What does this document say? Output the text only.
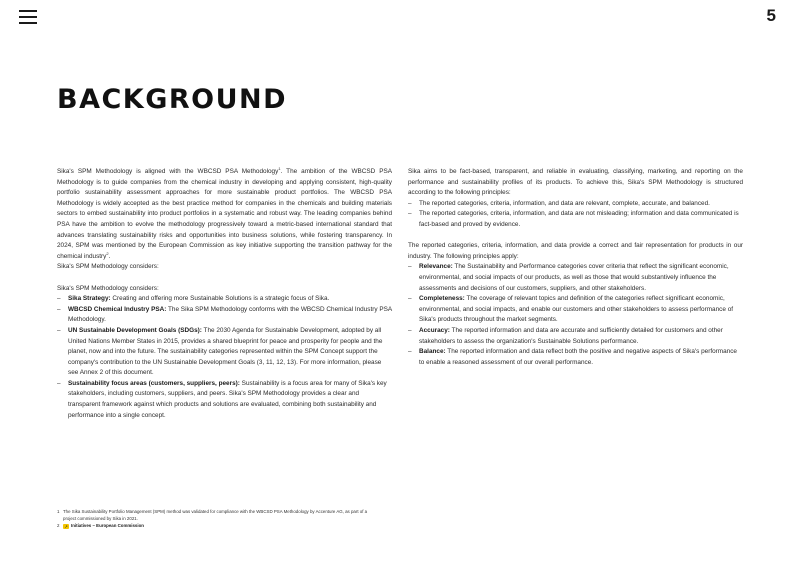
5
BACKGROUND

Sika's SPM Methodology is aligned with the WBCSD PSA Methodology$^1$. The ambition of the WBCSD PSA Methodology is to guide companies from the chemical industry in developing and applying consistent, high-quality portfolio sustainability assessment approaches for more sustainable product portfolios. The WBCSD PSA Methodology is widely accepted as the best practice method for companies in the chemicals and building materials sectors to embed sustainability into product portfolios in a systematic and robust way. The leading companies behind PSA have the ambition to evolve the methodology progressively toward a metric-based international standard that advances translating sustainability risks and opportunities into business solutions, while fostering transparency. In 2024, SPM was mentioned by the European Commission as key initiative supporting the transition pathway for the chemical industry$^2$.

Sika's SPM Methodology considers:

Sika's SPM Methodology considers:

– Sika Strategy: Creating and offering more Sustainable Solutions is a strategic focus of Sika.
– WBCSD Chemical Industry PSA: The Sika SPM Methodology conforms with the WBCSD Chemical Industry PSA Methodology.
– UN Sustainable Development Goals (SDGs): The 2030 Agenda for Sustainable Development, adopted by all United Nations Member States in 2015, provides a shared blueprint for peace and prosperity for people and the planet, now and into the future. The sustainability categories represented within the SPM Concept support the company's contribution to the UN Sustainable Development Goals (3, 11, 12, 13). For more information, please see Annex 2 of this document.
– Sustainability focus areas (customers, suppliers, peers): Sustainability is a focus area for many of Sika's key stakeholders, including customers, suppliers, and peers. Sika's SPM Methodology provides a clear and transparent framework against which products and solutions are evaluated, combining both sustainability and performance into a single concept.

Sika aims to be fact-based, transparent, and reliable in evaluating, classifying, marketing, and reporting on the performance and sustainability profiles of its products. To achieve this, Sika's SPM Methodology is structured according to the following principles:

– The reported categories, criteria, information, and data are relevant, complete, accurate, and balanced.
– The reported categories, criteria, information, and data are not misleading; information and data communicated is fact-based and proved by evidence.

The reported categories, criteria, information, and data provide a correct and fair representation for products in our industry. The following principles apply:

– Relevance: The Sustainability and Performance categories cover criteria that reflect the significant economic, environmental, and social impacts of our products, as well as those that would substantively influence the assessments and decisions of our customers, suppliers, and other stakeholders.
– Completeness: The coverage of relevant topics and definition of the categories reflect significant economic, environmental, and social impacts, and enable our customers and other stakeholders to assess performance of Sika's products throughout the market segments.
– Accuracy: The reported information and data are accurate and sufficiently detailed for customers and other stakeholders to assess the organization's Sustainable Solutions performance.
– Balance: The reported information and data reflect both the positive and negative aspects of Sika's performance to enable a reasoned assessment of our overall performance.
1 The Sika Sustainability Portfolio Management (SPM) method was validated for compliance with the WBCSD PSA Methodology by Accenture AG, as part of a project commissioned by Sika in 2021.
2 ↗ Initiatives – European Commission
